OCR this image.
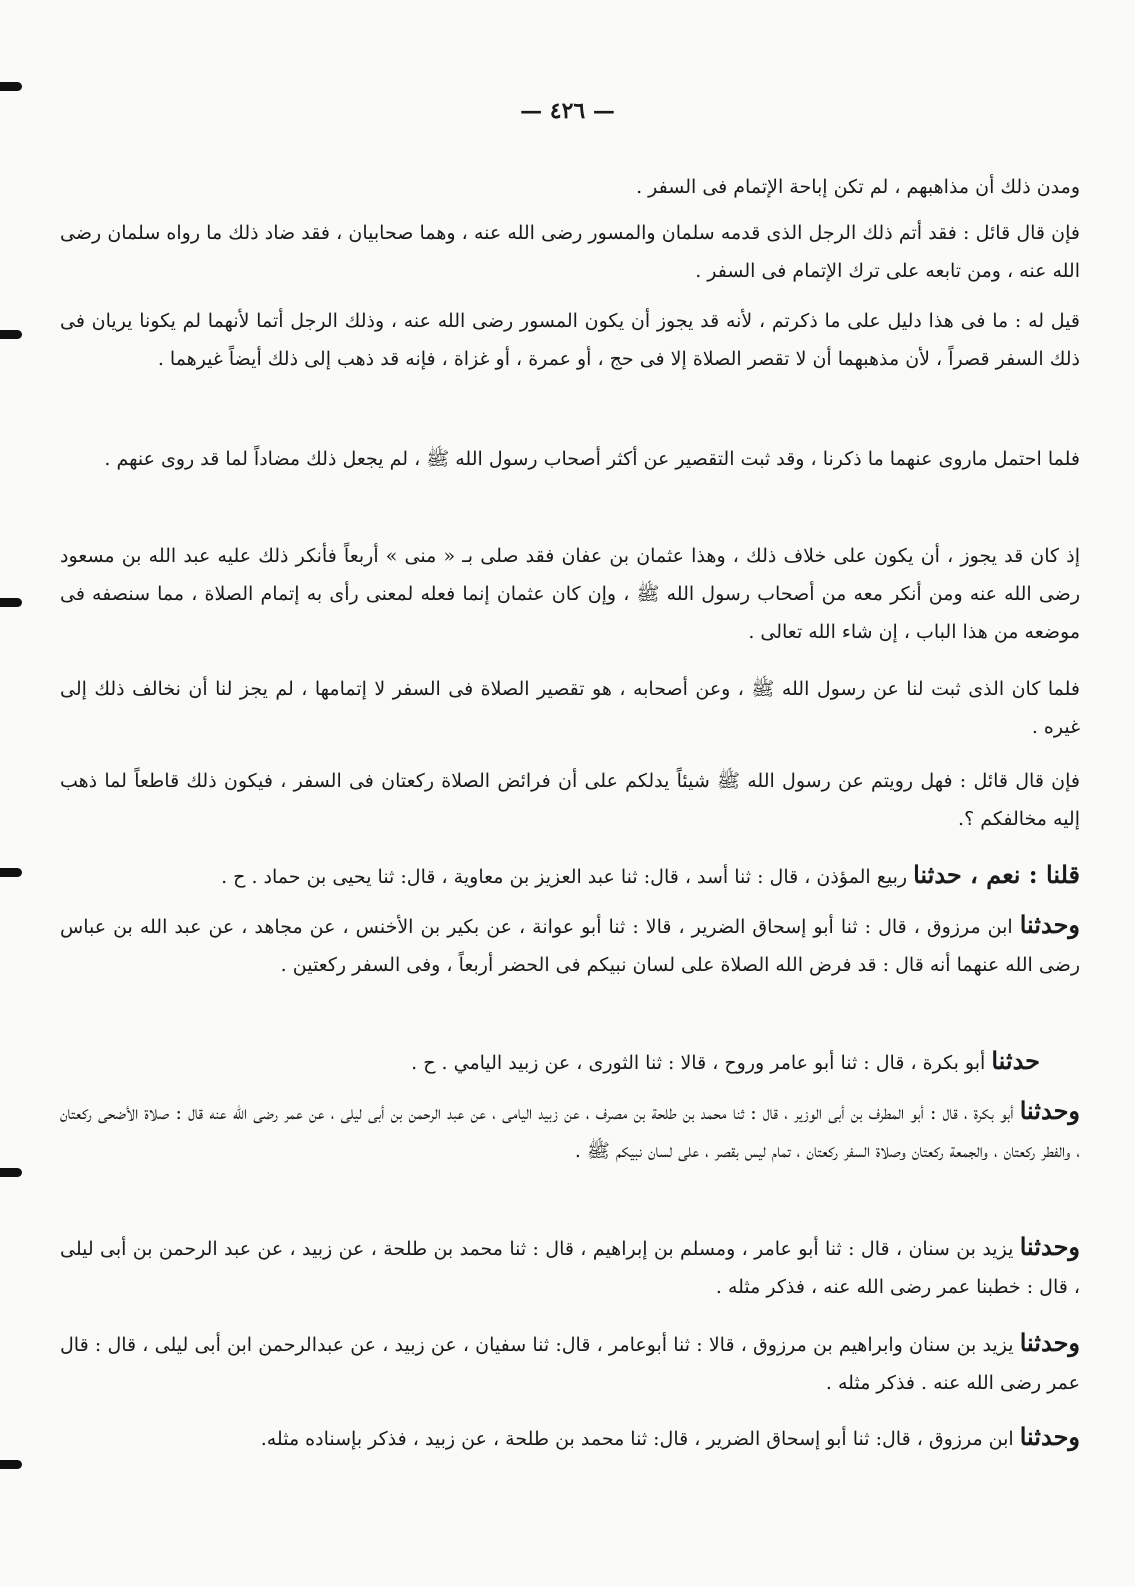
— ٤٢٦ —
ومدن ذلك أن مذاهبهم ، لم تكن إباحة الإتمام فى السفر .
فإن قال قائل : فقد أتم ذلك الرجل الذى قدمه سلمان والمسور رضى الله عنه ، وهما صحابيان ، فقد ضاد ذلك ما رواه سلمان رضى الله عنه ، ومن تابعه على ترك الإتمام فى السفر .
قيل له : ما فى هذا دليل على ما ذكرتم ، لأنه قد يجوز أن يكون المسور رضى الله عنه ، وذلك الرجل أتما لأنهما لم يكونا يريان فى ذلك السفر قصراً ، لأن مذهبهما أن لا تقصر الصلاة إلا فى حج ، أو عمرة ، أو غزاة ، فإنه قد ذهب إلى ذلك أيضاً غيرهما .
فلما احتمل ماروى عنهما ما ذكرنا ، وقد ثبت التقصير عن أكثر أصحاب رسول الله ﷺ ، لم يجعل ذلك مضاداً لما قد روى عنهم .
إذ كان قد يجوز ، أن يكون على خلاف ذلك ، وهذا عثمان بن عفان فقد صلى بـ « منى » أربعاً فأنكر ذلك عليه عبد الله بن مسعود رضى الله عنه ومن أنكر معه من أصحاب رسول الله ﷺ ، وإن كان عثمان إنما فعله لمعنى رأى به إتمام الصلاة ، مما سنصفه فى موضعه من هذا الباب ، إن شاء الله تعالى .
فلما كان الذى ثبت لنا عن رسول الله ﷺ ، وعن أصحابه ، هو تقصير الصلاة فى السفر لا إتمامها ، لم يجز لنا أن نخالف ذلك إلى غيره .
فإن قال قائل : فهل رويتم عن رسول الله ﷺ شيئاً يدلكم على أن فرائض الصلاة ركعتان فى السفر ، فيكون ذلك قاطعاً لما ذهب إليه مخالفكم ؟.
قلنا : نعم ، حدثنا ربيع المؤذن ، قال : ثنا أسد ، قال: ثنا عبد العزيز بن معاوية ، قال: ثنا يحيى بن حماد . ح .
وحدثنا ابن مرزوق ، قال : ثنا أبو إسحاق الضرير ، قالا : ثنا أبو عوانة ، عن بكير بن الأخنس ، عن مجاهد ، عن عبد الله بن عباس رضى الله عنهما أنه قال : قد فرض الله الصلاة على لسان نبيكم فى الحضر أربعاً ، وفى السفر ركعتين .
حدثنا أبو بكرة ، قال : ثنا أبو عامر وروح ، قالا : ثنا الثورى ، عن زبيد اليامي . ح .
وحدثنا أبو بكرة ، قال : أبو المطرف بن أبى الوزير ، قال : ثنا محمد بن طلحة بن مصرف ، عن زبيد اليامى ، عن عبد الرحمن بن أبى ليلى ، عن عمر رضى الله عنه قال : صلاة الأضحى ركعتان ، والفطر ركعتان ، والجمعة ركعتان وصلاة السفر ركعتان ، تمام ليس بقصر ، على لسان نبيكم ﷺ .
وحدثنا يزيد بن سنان ، قال : ثنا أبو عامر ، ومسلم بن إبراهيم ، قال : ثنا محمد بن طلحة ، عن زبيد ، عن عبد الرحمن بن أبى ليلى ، قال : خطبنا عمر رضى الله عنه ، فذكر مثله .
وحدثنا يزيد بن سنان وابراهيم بن مرزوق ، قالا : ثنا أبوعامر ، قال: ثنا سفيان ، عن زبيد ، عن عبدالرحمن ابن أبى ليلى ، قال : قال عمر رضى الله عنه . فذكر مثله .
وحدثنا ابن مرزوق ، قال: ثنا أبو إسحاق الضرير ، قال: ثنا محمد بن طلحة ، عن زبيد ، فذكر بإسناده مثله.
